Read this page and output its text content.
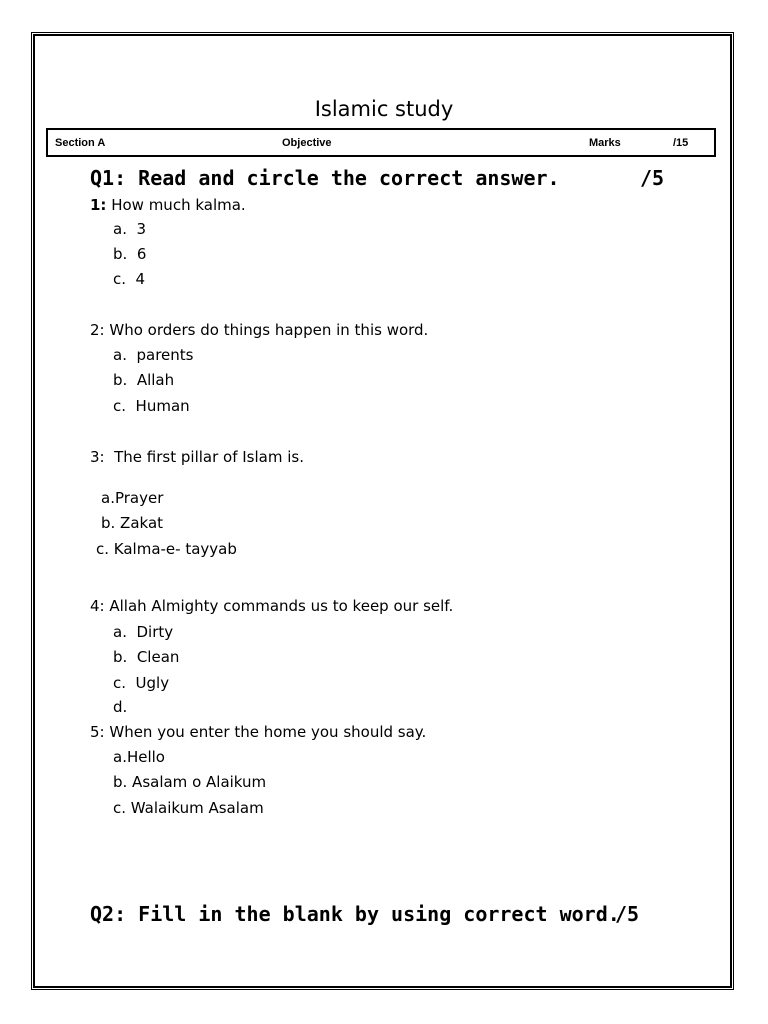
Islamic study
Section A	Objective	Marks	/15
Q1: Read and circle the correct answer.	/5
1: How much kalma.
a.  3
b.  6
c.  4
2: Who orders do things happen in this word.
a.  parents
b.  Allah
c.  Human
3:  The first pillar of Islam is.
a.Prayer
b. Zakat
c. Kalma-e- tayyab
4: Allah Almighty commands us to keep our self.
a.  Dirty
b.  Clean
c.  Ugly
d.
5: When you enter the home you should say.
a.Hello
b. Asalam o Alaikum
c. Walaikum Asalam
Q2: Fill in the blank by using correct word.
/5
